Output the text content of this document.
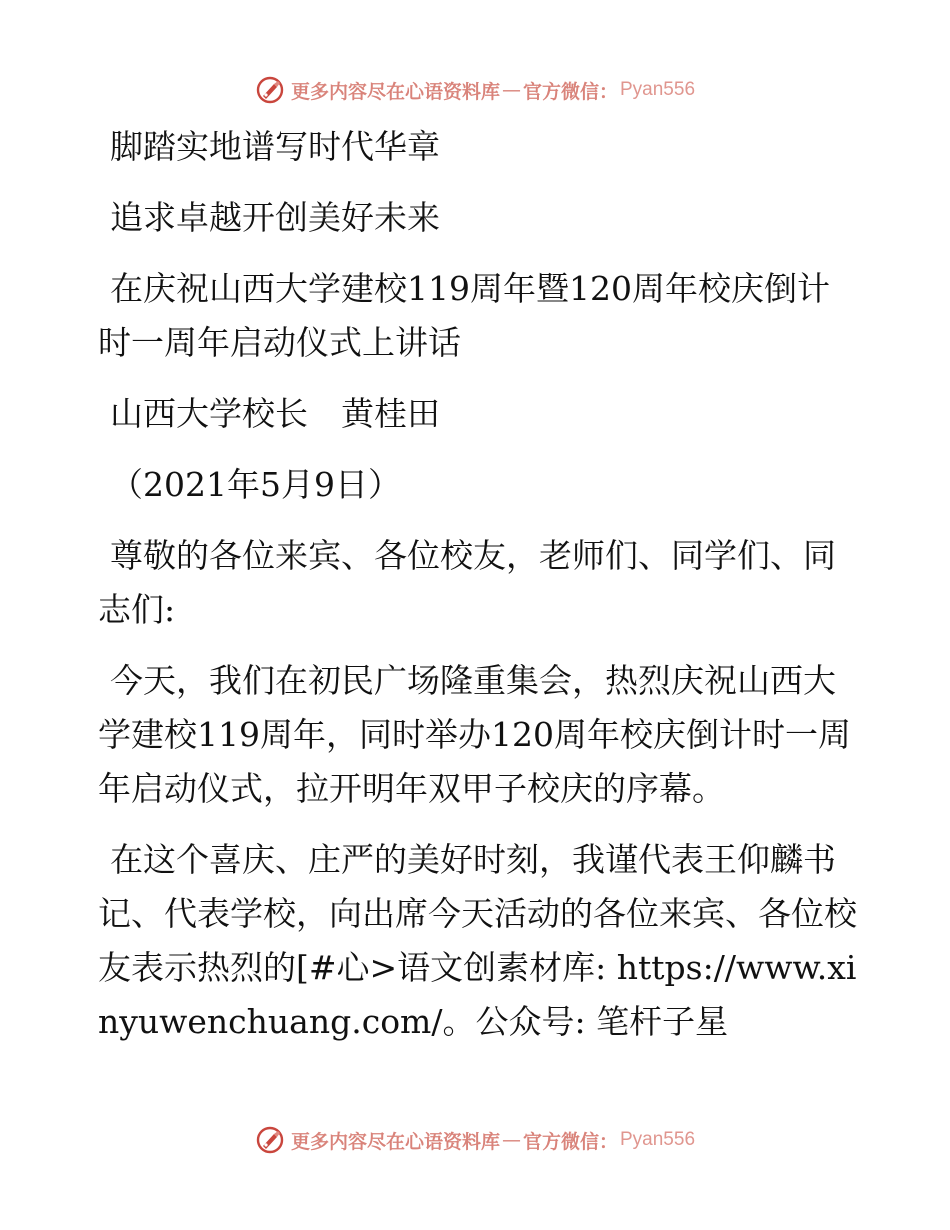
更多内容尽在心语资料库 — 官方微信： Pyan556

脚踏实地谱写时代华章

追求卓越开创美好未来

在庆祝山西大学建校119周年暨120周年校庆倒计时一周年启动仪式上讲话

山西大学校长　黄桂田

（2021年5月9日）

尊敬的各位来宾、各位校友，老师们、同学们、同志们:

今天，我们在初民广场隆重集会，热烈庆祝山西大学建校119周年，同时举办120周年校庆倒计时一周年启动仪式，拉开明年双甲子校庆的序幕。

在这个喜庆、庄严的美好时刻，我谨代表王仰麟书记、代表学校，向出席今天活动的各位来宾、各位校友表示热烈的[#心>语文创素材库: https://www.xinyuwenchuang.com/。公众号: 笔杆子星

更多内容尽在心语资料库 — 官方微信： Pyan556
